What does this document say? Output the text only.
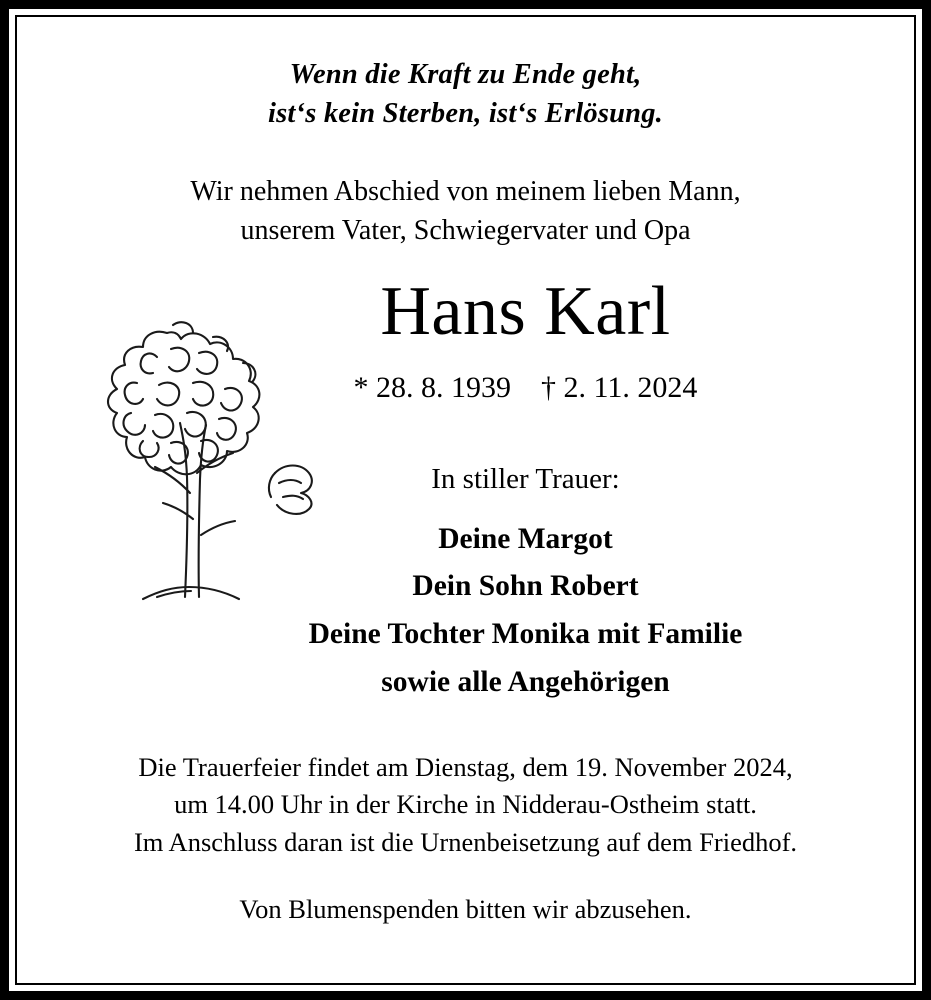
Wenn die Kraft zu Ende geht,
ist‘s kein Sterben, ist‘s Erlösung.
Wir nehmen Abschied von meinem lieben Mann,
unserem Vater, Schwiegervater und Opa
Hans Karl
* 28. 8. 1939 † 2. 11. 2024
In stiller Trauer:
Deine Margot
Dein Sohn Robert
Deine Tochter Monika mit Familie
sowie alle Angehörigen
Die Trauerfeier findet am Dienstag, dem 19. November 2024,
um 14.00 Uhr in der Kirche in Nidderau-Ostheim statt.
Im Anschluss daran ist die Urnenbeisetzung auf dem Friedhof.
Von Blumenspenden bitten wir abzusehen.
